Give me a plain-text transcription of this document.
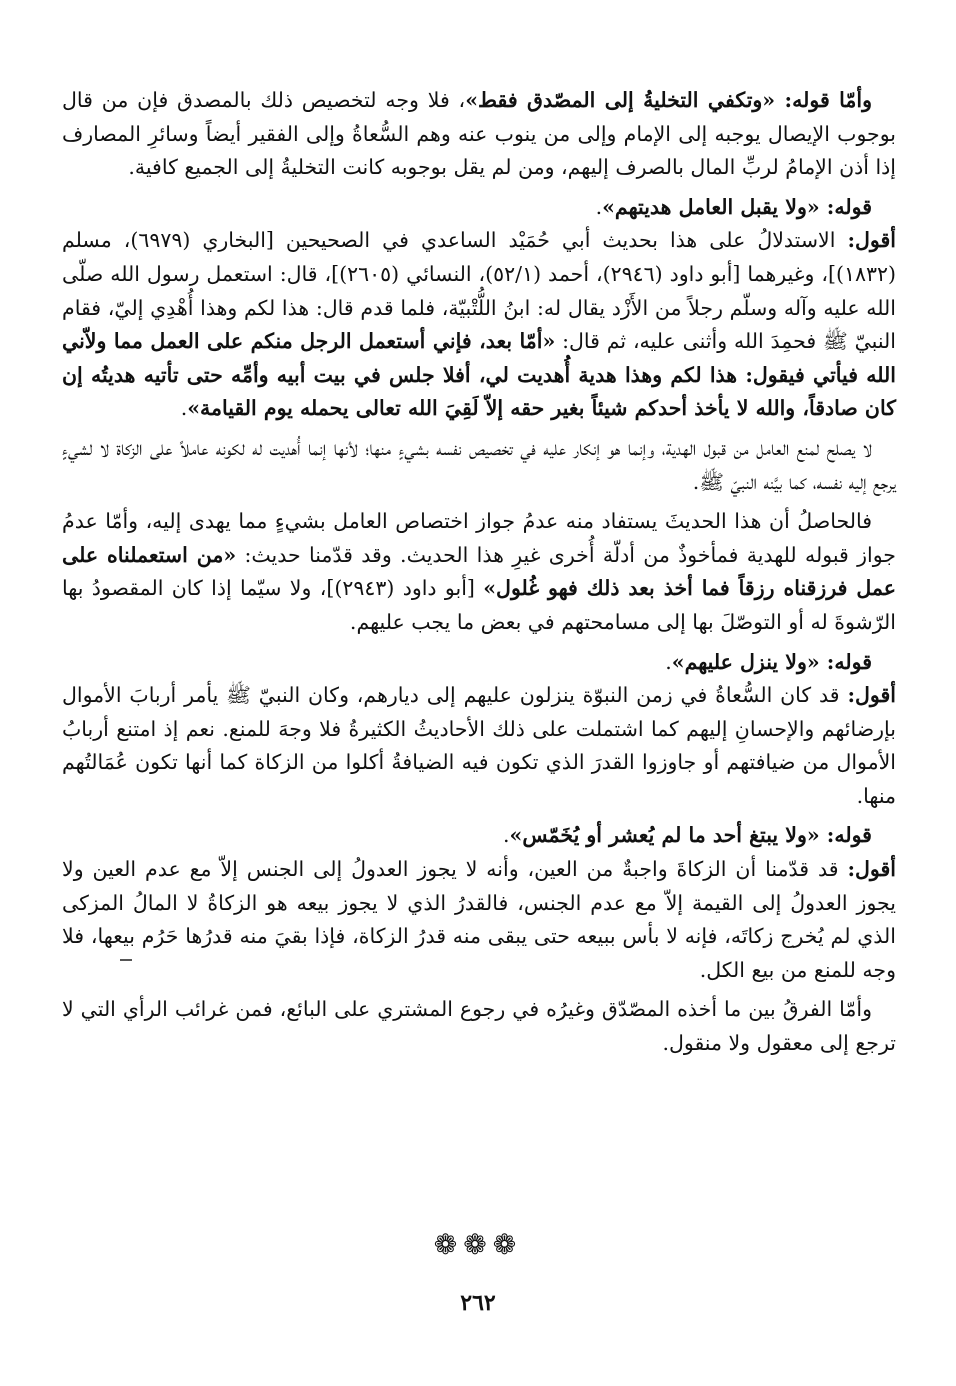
وأمّا قوله: «وتكفي التخليةُ إلى المصّدق فقط»، فلا وجه لتخصيص ذلك بالمصدق فإن من قال بوجوب الإيصال يوجبه إلى الإمام وإلى من ينوب عنه وهم السُّعاةُ وإلى الفقير أيضاً وسائرِ المصارف إذا أذن الإمامُ لربِّ المال بالصرف إليهم، ومن لم يقل بوجوبه كانت التخليةُ إلى الجميع كافية.

قوله: «ولا يقبل العامل هديتهم».

أقول: الاستدلالُ على هذا بحديث أبي حُمَيْد الساعدي في الصحيحين [البخاري (٦٩٧٩)، مسلم (١٨٣٢)]، وغيرهما [أبو داود (٢٩٤٦)، أحمد (٥٢/١)، النسائي (٢٦٠٥)]، قال: استعمل رسول الله صلّى الله عليه وآله وسلّم رجلاً من الأَزْد يقال له: ابنُ اللُّتْبيّة، فلما قدم قال: هذا لكم وهذا أُهْدِي إليّ، فقام النبيّ ﷺ فحمِدَ الله وأثنى عليه، ثم قال: «أمّا بعد، فإني أستعمل الرجل منكم على العمل مما ولاّني الله فيأتي فيقول: هذا لكم وهذا هدية أُهديت لي، أفلا جلس في بيت أبيه وأمِّه حتى تأتيه هديتُه إن كان صادقاً، والله لا يأخذ أحدكم شيئاً بغير حقه إلاّ لَقِيَ الله تعالى يحمله يوم القيامة».

لا يصلح لمنع العامل من قبول الهدية، وإنما هو إنكار عليه في تخصيص نفسه بشيءٍ منها؛ لأنها إنما أُهديت له لكونه عاملاً على الزكاة لا لشيءٍ يرجع إليه نفسه، كما بيَّنه النبيّ ﷺ.

فالحاصلُ أن هذا الحديثَ يستفاد منه عدمُ جواز اختصاص العامل بشيءٍ مما يهدى إليه، وأمّا عدمُ جواز قبوله للهدية فمأخوذٌ من أدلّة أُخرى غيرِ هذا الحديث. وقد قدّمنا حديث: «من استعملناه على عمل فرزقناه رزقاً فما أخذ بعد ذلك فهو غُلول» [أبو داود (٢٩٤٣)]، ولا سيّما إذا كان المقصودُ بها الرّشوةَ له أو التوصّلَ بها إلى مسامحتهم في بعض ما يجب عليهم.

قوله: «ولا ينزل عليهم».

أقول: قد كان السُّعاةُ في زمن النبوّة ينزلون عليهم إلى ديارهم، وكان النبيّ ﷺ يأمر أربابَ الأموال بإرضائهم والإحسانِ إليهم كما اشتملت على ذلك الأحاديثُ الكثيرةُ فلا وجهَ للمنع. نعم إذ امتنع أربابُ الأموال من ضيافتهم أو جاوزوا القدرَ الذي تكون فيه الضيافةُ أكلوا من الزكاة كما أنها تكون عُمَالتُهم منها.

قوله: «ولا يبتغ أحد ما لم يُعشر أو يُخَمّس».

أقول: قد قدّمنا أن الزكاةَ واجبةٌ من العين، وأنه لا يجوز العدولُ إلى الجنس إلاّ مع عدم العين ولا يجوز العدولُ إلى القيمة إلاّ مع عدم الجنس، فالقدرُ الذي لا يجوز بيعه هو الزكاةُ لا المالُ المزكى الذي لم يُخرج زكاتَه، فإنه لا بأس ببيعه حتى يبقى منه قدرُ الزكاة، فإذا بقيَ منه قدرُها حَرُم بيعها، فلا وجه للمنع من بيع الكل.

وأمّا الفرقُ بين ما أخذه المصّدّق وغيرُه في رجوع المشتري على البائع، فمن غرائب الرأي التي لا ترجع إلى معقول ولا منقول.

❁❁❁
٢٦٢
